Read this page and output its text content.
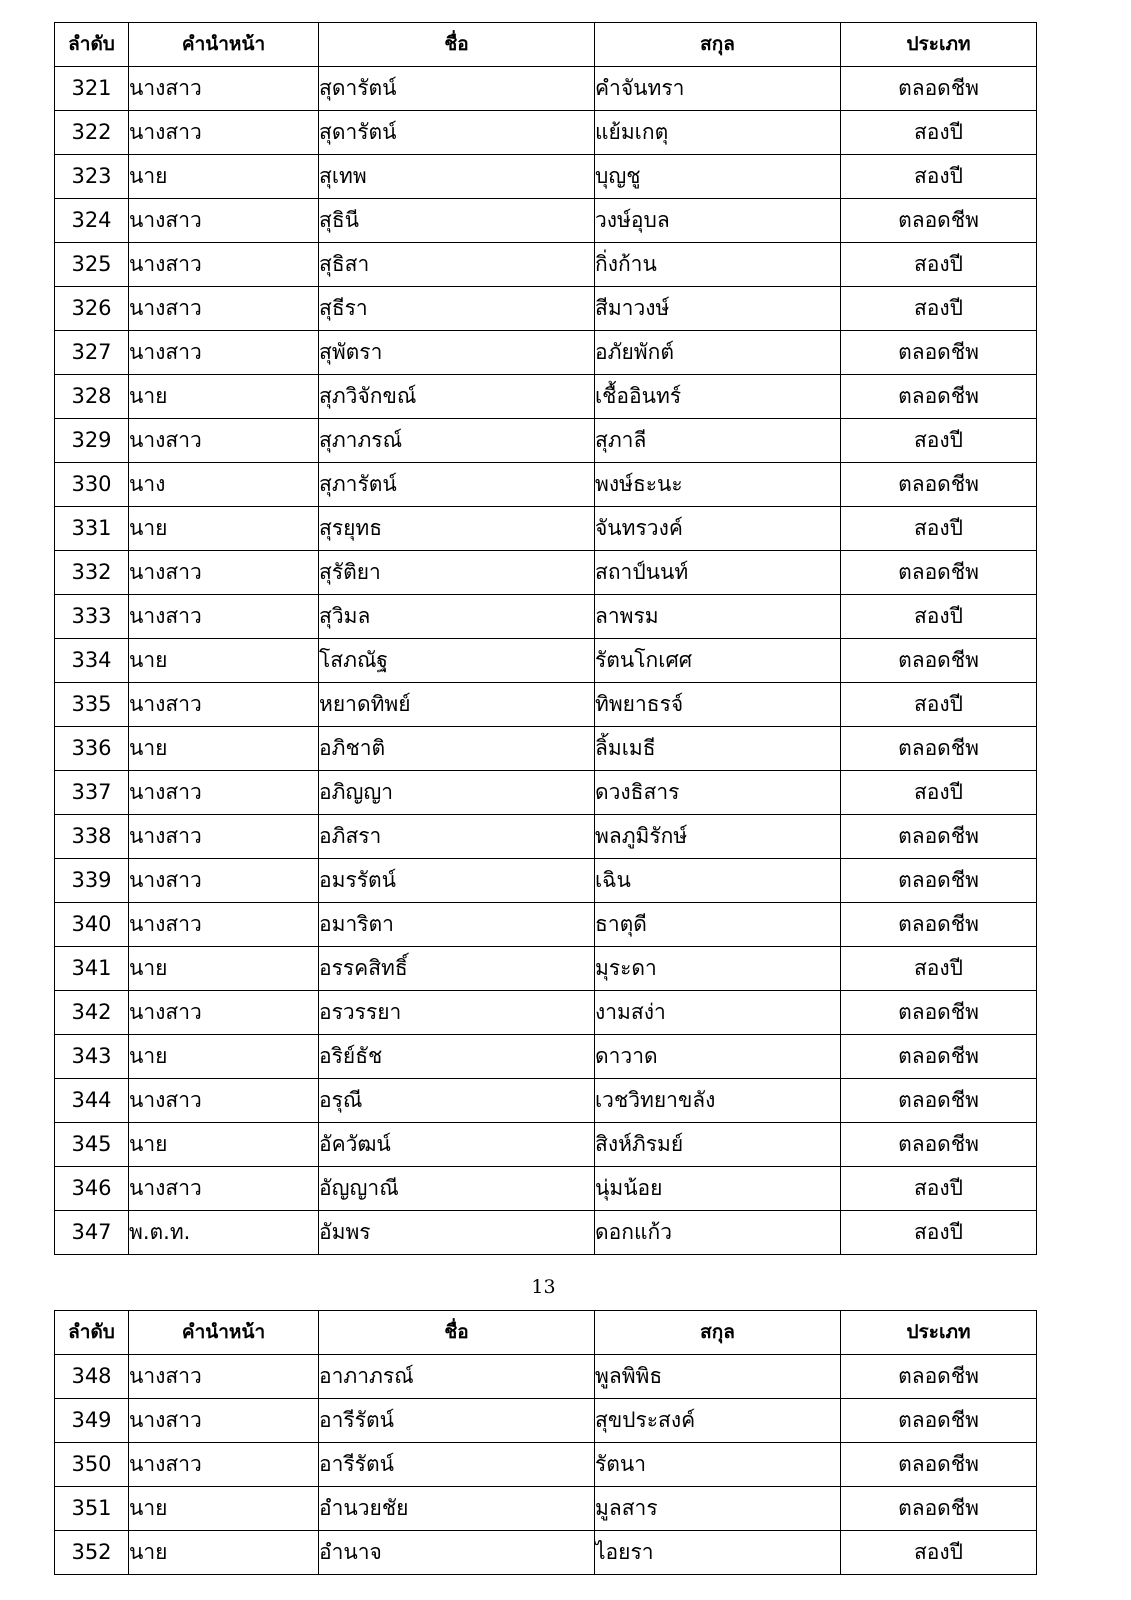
ลำดับ	คำนำหน้า	ชื่อ	สกุล	ประเภท
321	นางสาว	สุดารัตน์	คำจันทรา	ตลอดชีพ
322	นางสาว	สุดารัตน์	แย้มเกตุ	สองปี
323	นาย	สุเทพ	บุญชู	สองปี
324	นางสาว	สุธินี	วงษ์อุบล	ตลอดชีพ
325	นางสาว	สุธิสา	กิ่งก้าน	สองปี
326	นางสาว	สุธีรา	สีมาวงษ์	สองปี
327	นางสาว	สุพัตรา	อภัยพักต์	ตลอดชีพ
328	นาย	สุภวิจักขณ์	เชื้ออินทร์	ตลอดชีพ
329	นางสาว	สุภาภรณ์	สุภาลี	สองปี
330	นาง	สุภารัตน์	พงษ์ธะนะ	ตลอดชีพ
331	นาย	สุรยุทธ	จันทรวงค์	สองปี
332	นางสาว	สุรัติยา	สถาป์นนท์	ตลอดชีพ
333	นางสาว	สุวิมล	ลาพรม	สองปี
334	นาย	โสภณัฐ	รัตนโกเศศ	ตลอดชีพ
335	นางสาว	หยาดทิพย์	ทิพยาธรจ์	สองปี
336	นาย	อภิชาติ	ลิ้มเมธี	ตลอดชีพ
337	นางสาว	อภิญญา	ดวงธิสาร	สองปี
338	นางสาว	อภิสรา	พลภูมิรักษ์	ตลอดชีพ
339	นางสาว	อมรรัตน์	เฉิน	ตลอดชีพ
340	นางสาว	อมาริตา	ธาตุดี	ตลอดชีพ
341	นาย	อรรคสิทธิ์	มุระดา	สองปี
342	นางสาว	อรวรรยา	งามสง่า	ตลอดชีพ
343	นาย	อริย์ธัช	ดาวาด	ตลอดชีพ
344	นางสาว	อรุณี	เวชวิทยาขลัง	ตลอดชีพ
345	นาย	อัควัฒน์	สิงห์ภิรมย์	ตลอดชีพ
346	นางสาว	อัญญาณี	นุ่มน้อย	สองปี
347	พ.ต.ท.	อัมพร	ดอกแก้ว	สองปี
13
ลำดับ	คำนำหน้า	ชื่อ	สกุล	ประเภท
348	นางสาว	อาภาภรณ์	พูลพิพิธ	ตลอดชีพ
349	นางสาว	อารีรัตน์	สุขประสงค์	ตลอดชีพ
350	นางสาว	อารีรัตน์	รัตนา	ตลอดชีพ
351	นาย	อำนวยชัย	มูลสาร	ตลอดชีพ
352	นาย	อำนาจ	ไอยรา	สองปี
